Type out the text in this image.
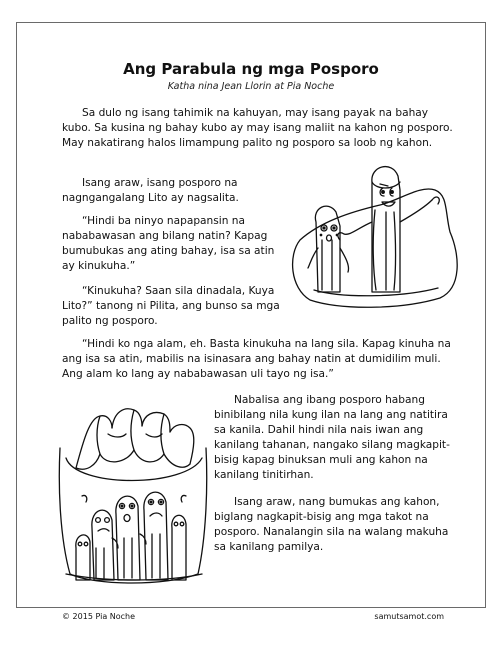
Ang Parabula ng mga Posporo

Katha nina Jean Llorin at Pia Noche

Sa dulo ng isang tahimik na kahuyan, may isang payak na bahay kubo. Sa kusina ng bahay kubo ay may isang maliit na kahon ng posporo. May nakatirang halos limampung palito ng posporo sa loob ng kahon.

Isang araw, isang posporo na nagngangalang Lito ay nagsalita.

“Hindi ba ninyo napapansin na nababawasan ang bilang natin? Kapag bumubukas ang ating bahay, isa sa atin ay kinukuha.”

“Kinukuha? Saan sila dinadala, Kuya Lito?” tanong ni Pilita, ang bunso sa mga palito ng posporo.

“Hindi ko nga alam, eh. Basta kinukuha na lang sila. Kapag kinuha na ang isa sa atin, mabilis na isinasara ang bahay natin at dumidilim muli. Ang alam ko lang ay nababawasan uli tayo ng isa.”

Nabalisa ang ibang posporo habang binibilang nila kung ilan na lang ang natitira sa kanila. Dahil hindi nila nais iwan ang kanilang tahanan, nangako silang magkapit-bisig kapag binuksan muli ang kahon na kanilang tinitirhan.

Isang araw, nang bumukas ang kahon, biglang nagkapit-bisig ang mga takot na posporo. Nanalangin sila na walang makuha sa kanilang pamilya.

© 2015 Pia Noche	samutsamot.com
